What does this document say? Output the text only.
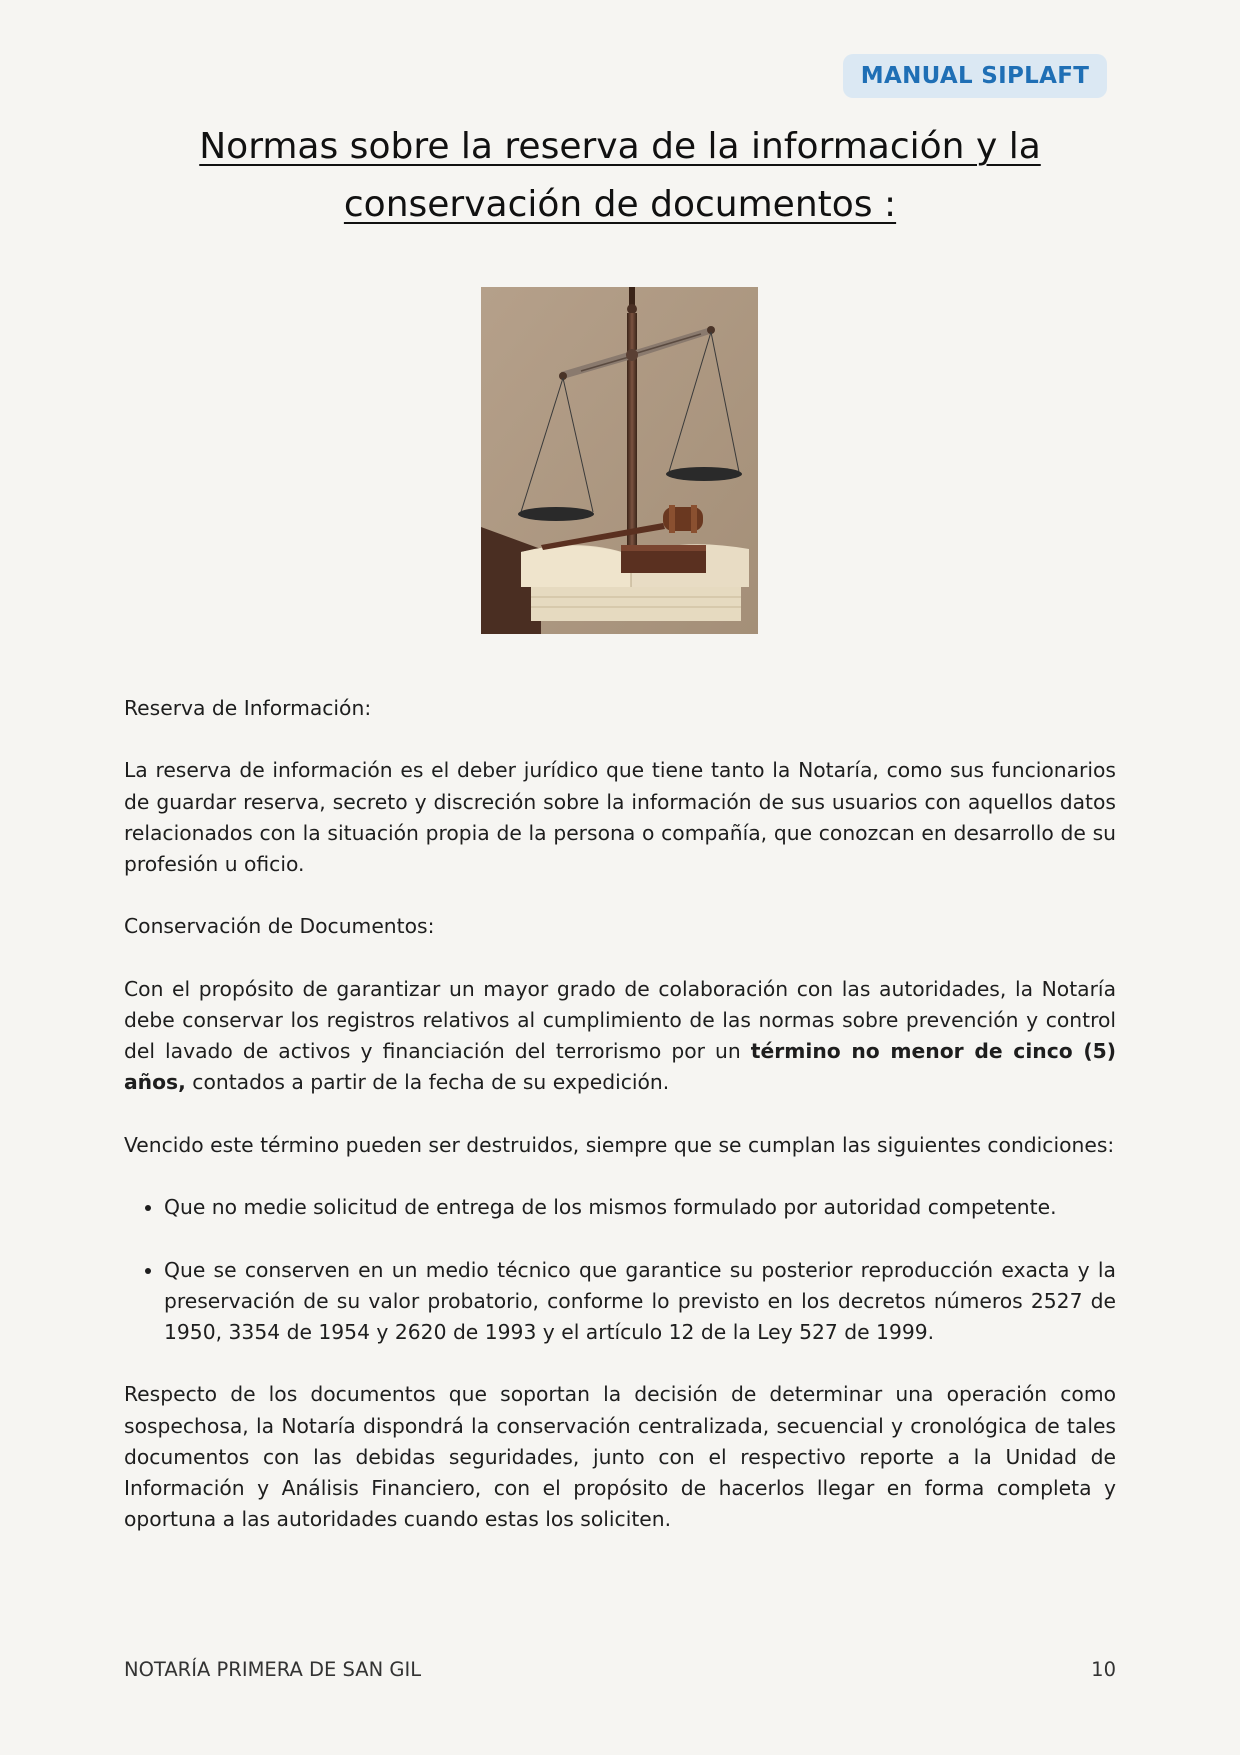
MANUAL SIPLAFT
Normas sobre la reserva de la información y la
conservación de documentos :

Reserva de Información:

La reserva de información es el deber jurídico que tiene tanto la Notaría, como sus funcionarios de guardar reserva, secreto y discreción sobre la información de sus usuarios con aquellos datos relacionados con la situación propia de la persona o compañía, que conozcan en desarrollo de su profesión u oficio.

Conservación de Documentos:

Con el propósito de garantizar un mayor grado de colaboración con las autoridades, la Notaría debe conservar los registros relativos al cumplimiento de las normas sobre prevención y control del lavado de activos y financiación del terrorismo por un término no menor de cinco (5) años, contados a partir de la fecha de su expedición.

Vencido este término pueden ser destruidos, siempre que se cumplan las siguientes condiciones:

• Que no medie solicitud de entrega de los mismos formulado por autoridad competente.
• Que se conserven en un medio técnico que garantice su posterior reproducción exacta y la preservación de su valor probatorio, conforme lo previsto en los decretos números 2527 de 1950, 3354 de 1954 y 2620 de 1993 y el artículo 12 de la Ley 527 de 1999.

Respecto de los documentos que soportan la decisión de determinar una operación como sospechosa, la Notaría dispondrá la conservación centralizada, secuencial y cronológica de tales documentos con las debidas seguridades, junto con el respectivo reporte a la Unidad de Información y Análisis Financiero, con el propósito de hacerlos llegar en forma completa y oportuna a las autoridades cuando estas los soliciten.

NOTARÍA PRIMERA DE SAN GIL	10
